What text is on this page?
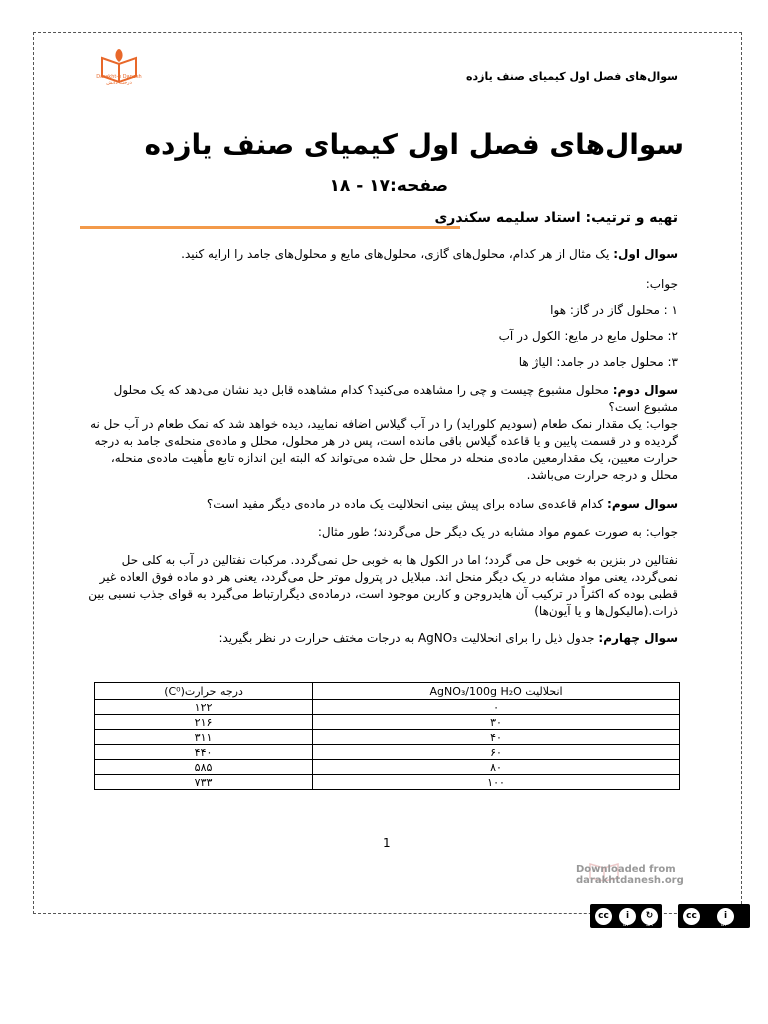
Darakht-e Danesh درخت دانش	سوال‌های فصل اول کیمیای صنف یازده
سوال‌های فصل اول کیمیای صنف یازده
صفحه:۱۷ - ۱۸
تهیه و ترتیب: استاد سلیمه سکندری
سوال اول: یک مثال از هر کدام، محلول‌های گازی، محلول‌های مایع و محلول‌های جامد را ارایه کنید.
جواب:
۱ : محلول گاز در گاز: هوا
۲: محلول مایع در مایع: الکول در آب
۳: محلول جامد در جامد: الیاژ ها
سوال دوم: محلول مشبوع چیست و چی را مشاهده می‌کنید؟ کدام مشاهده قابل دید نشان می‌دهد که یک محلول مشبوع است؟
جواب: یک مقدار نمک طعام (سودیم کلوراید) را در آب گیلاس اضافه نمایید، دیده خواهد شد که نمک طعام در آب حل نه گردیده و در قسمت پایین و یا قاعده گیلاس باقی مانده است، پس در هر محلول، محلل و ماده‌ی منحله‌ی جامد به درجه حرارت معیین، یک مقدارمعین ماده‌ی منحله در محلل حل شده می‌تواند که البته این اندازه تابع مأهیت ماده‌ی منحله، محلل و درجه حرارت می‌باشد.
سوال سوم: کدام قاعده‌ی ساده برای پیش بینی انحلالیت یک ماده در ماده‌ی دیگر مفید است؟
جواب: به صورت عموم مواد مشابه در یک دیگر حل می‌گردند؛ طور مثال:
نفتالین در بنزین به خوبی حل می گردد؛ اما در الکول ها به خوبی حل نمی‌گردد. مرکبات نفتالین در آب به کلی حل نمی‌گردد، یعنی مواد مشابه در یک دیگر منحل اند. مبلایل در پترول موتر حل می‌گردد، یعنی هر دو ماده فوق العاده غیر قطبی بوده که اکثراً در ترکیب آن هایدروجن و کاربن موجود است، درماده‌ی دیگرارتباط می‌گیرد به قوای جذب نسبی بین ذرات.(مالیکول‌ها و یا آیون‌ها)
سوال چهارم: جدول ذیل را برای انحلالیت AgNO₃ به درجات مختف حرارت در نظر بگیرید:
انحلالیت AgNO₃/100g H₂O	درجه حرارت(C⁰)
۰	۱۲۲
۳۰	۲۱۶
۴۰	۳۱۱
۶۰	۴۴۰
۸۰	۵۸۵
۱۰۰	۷۳۳
1
Downloaded from darakhtdanesh.org
cc	i	↻
BY	SA
cc	i
BY
